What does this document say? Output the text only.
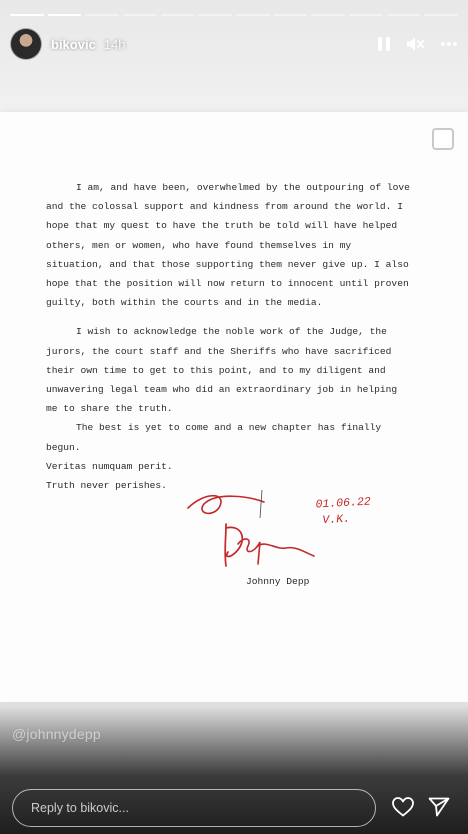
bikovic 14h

I am, and have been, overwhelmed by the outpouring of love and the colossal support and kindness from around the world. I hope that my quest to have the truth be told will have helped others, men or women, who have found themselves in my situation, and that those supporting them never give up. I also hope that the position will now return to innocent until proven guilty, both within the courts and in the media.

I wish to acknowledge the noble work of the Judge, the jurors, the court staff and the Sheriffs who have sacrificed their own time to get to this point, and to my diligent and unwavering legal team who did an extraordinary job in helping me to share the truth.

The best is yet to come and a new chapter has finally begun.

Veritas numquam perit.

Truth never perishes.

01.06.22
V.K.
Johnny Depp
@johnnydepp
Reply to bikovic...
